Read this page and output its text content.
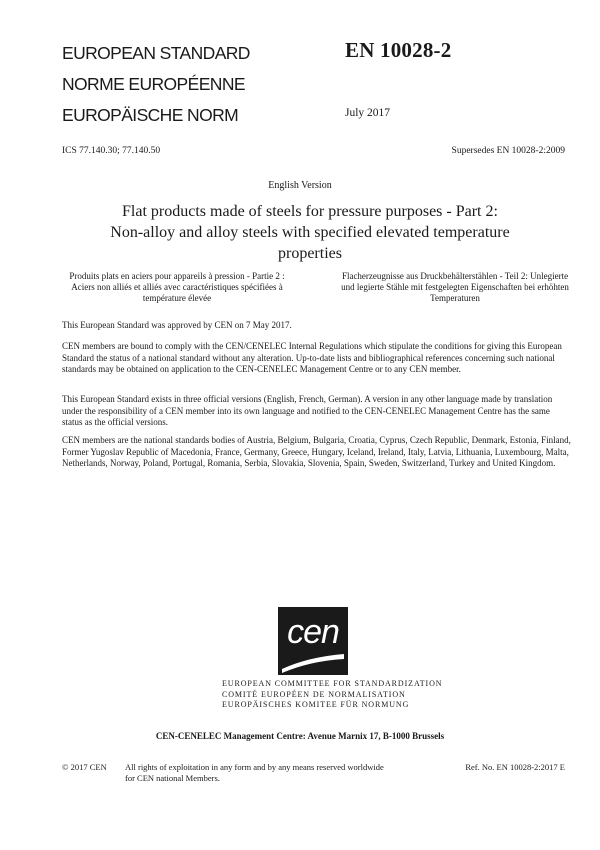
EUROPEAN STANDARD
NORME EUROPÉENNE
EUROPÄISCHE NORM
EN 10028-2
July 2017
ICS 77.140.30; 77.140.50	Supersedes EN 10028-2:2009
English Version
Flat products made of steels for pressure purposes - Part 2: Non-alloy and alloy steels with specified elevated temperature properties
Produits plats en aciers pour appareils à pression - Partie 2 : Aciers non alliés et alliés avec caractéristiques spécifiées à température élevée
Flacherzeugnisse aus Druckbehälterstählen - Teil 2: Unlegierte und legierte Stähle mit festgelegten Eigenschaften bei erhöhten Temperaturen
This European Standard was approved by CEN on 7 May 2017.
CEN members are bound to comply with the CEN/CENELEC Internal Regulations which stipulate the conditions for giving this European Standard the status of a national standard without any alteration. Up-to-date lists and bibliographical references concerning such national standards may be obtained on application to the CEN-CENELEC Management Centre or to any CEN member.
This European Standard exists in three official versions (English, French, German). A version in any other language made by translation under the responsibility of a CEN member into its own language and notified to the CEN-CENELEC Management Centre has the same status as the official versions.
CEN members are the national standards bodies of Austria, Belgium, Bulgaria, Croatia, Cyprus, Czech Republic, Denmark, Estonia, Finland, Former Yugoslav Republic of Macedonia, France, Germany, Greece, Hungary, Iceland, Ireland, Italy, Latvia, Lithuania, Luxembourg, Malta, Netherlands, Norway, Poland, Portugal, Romania, Serbia, Slovakia, Slovenia, Spain, Sweden, Switzerland, Turkey and United Kingdom.
cen
EUROPEAN COMMITTEE FOR STANDARDIZATION
COMITÉ EUROPÉEN DE NORMALISATION
EUROPÄISCHES KOMITEE FÜR NORMUNG
CEN-CENELEC Management Centre: Avenue Marnix 17, B-1000 Brussels
© 2017 CEN All rights of exploitation in any form and by any means reserved worldwide for CEN national Members.
Ref. No. EN 10028-2:2017 E
